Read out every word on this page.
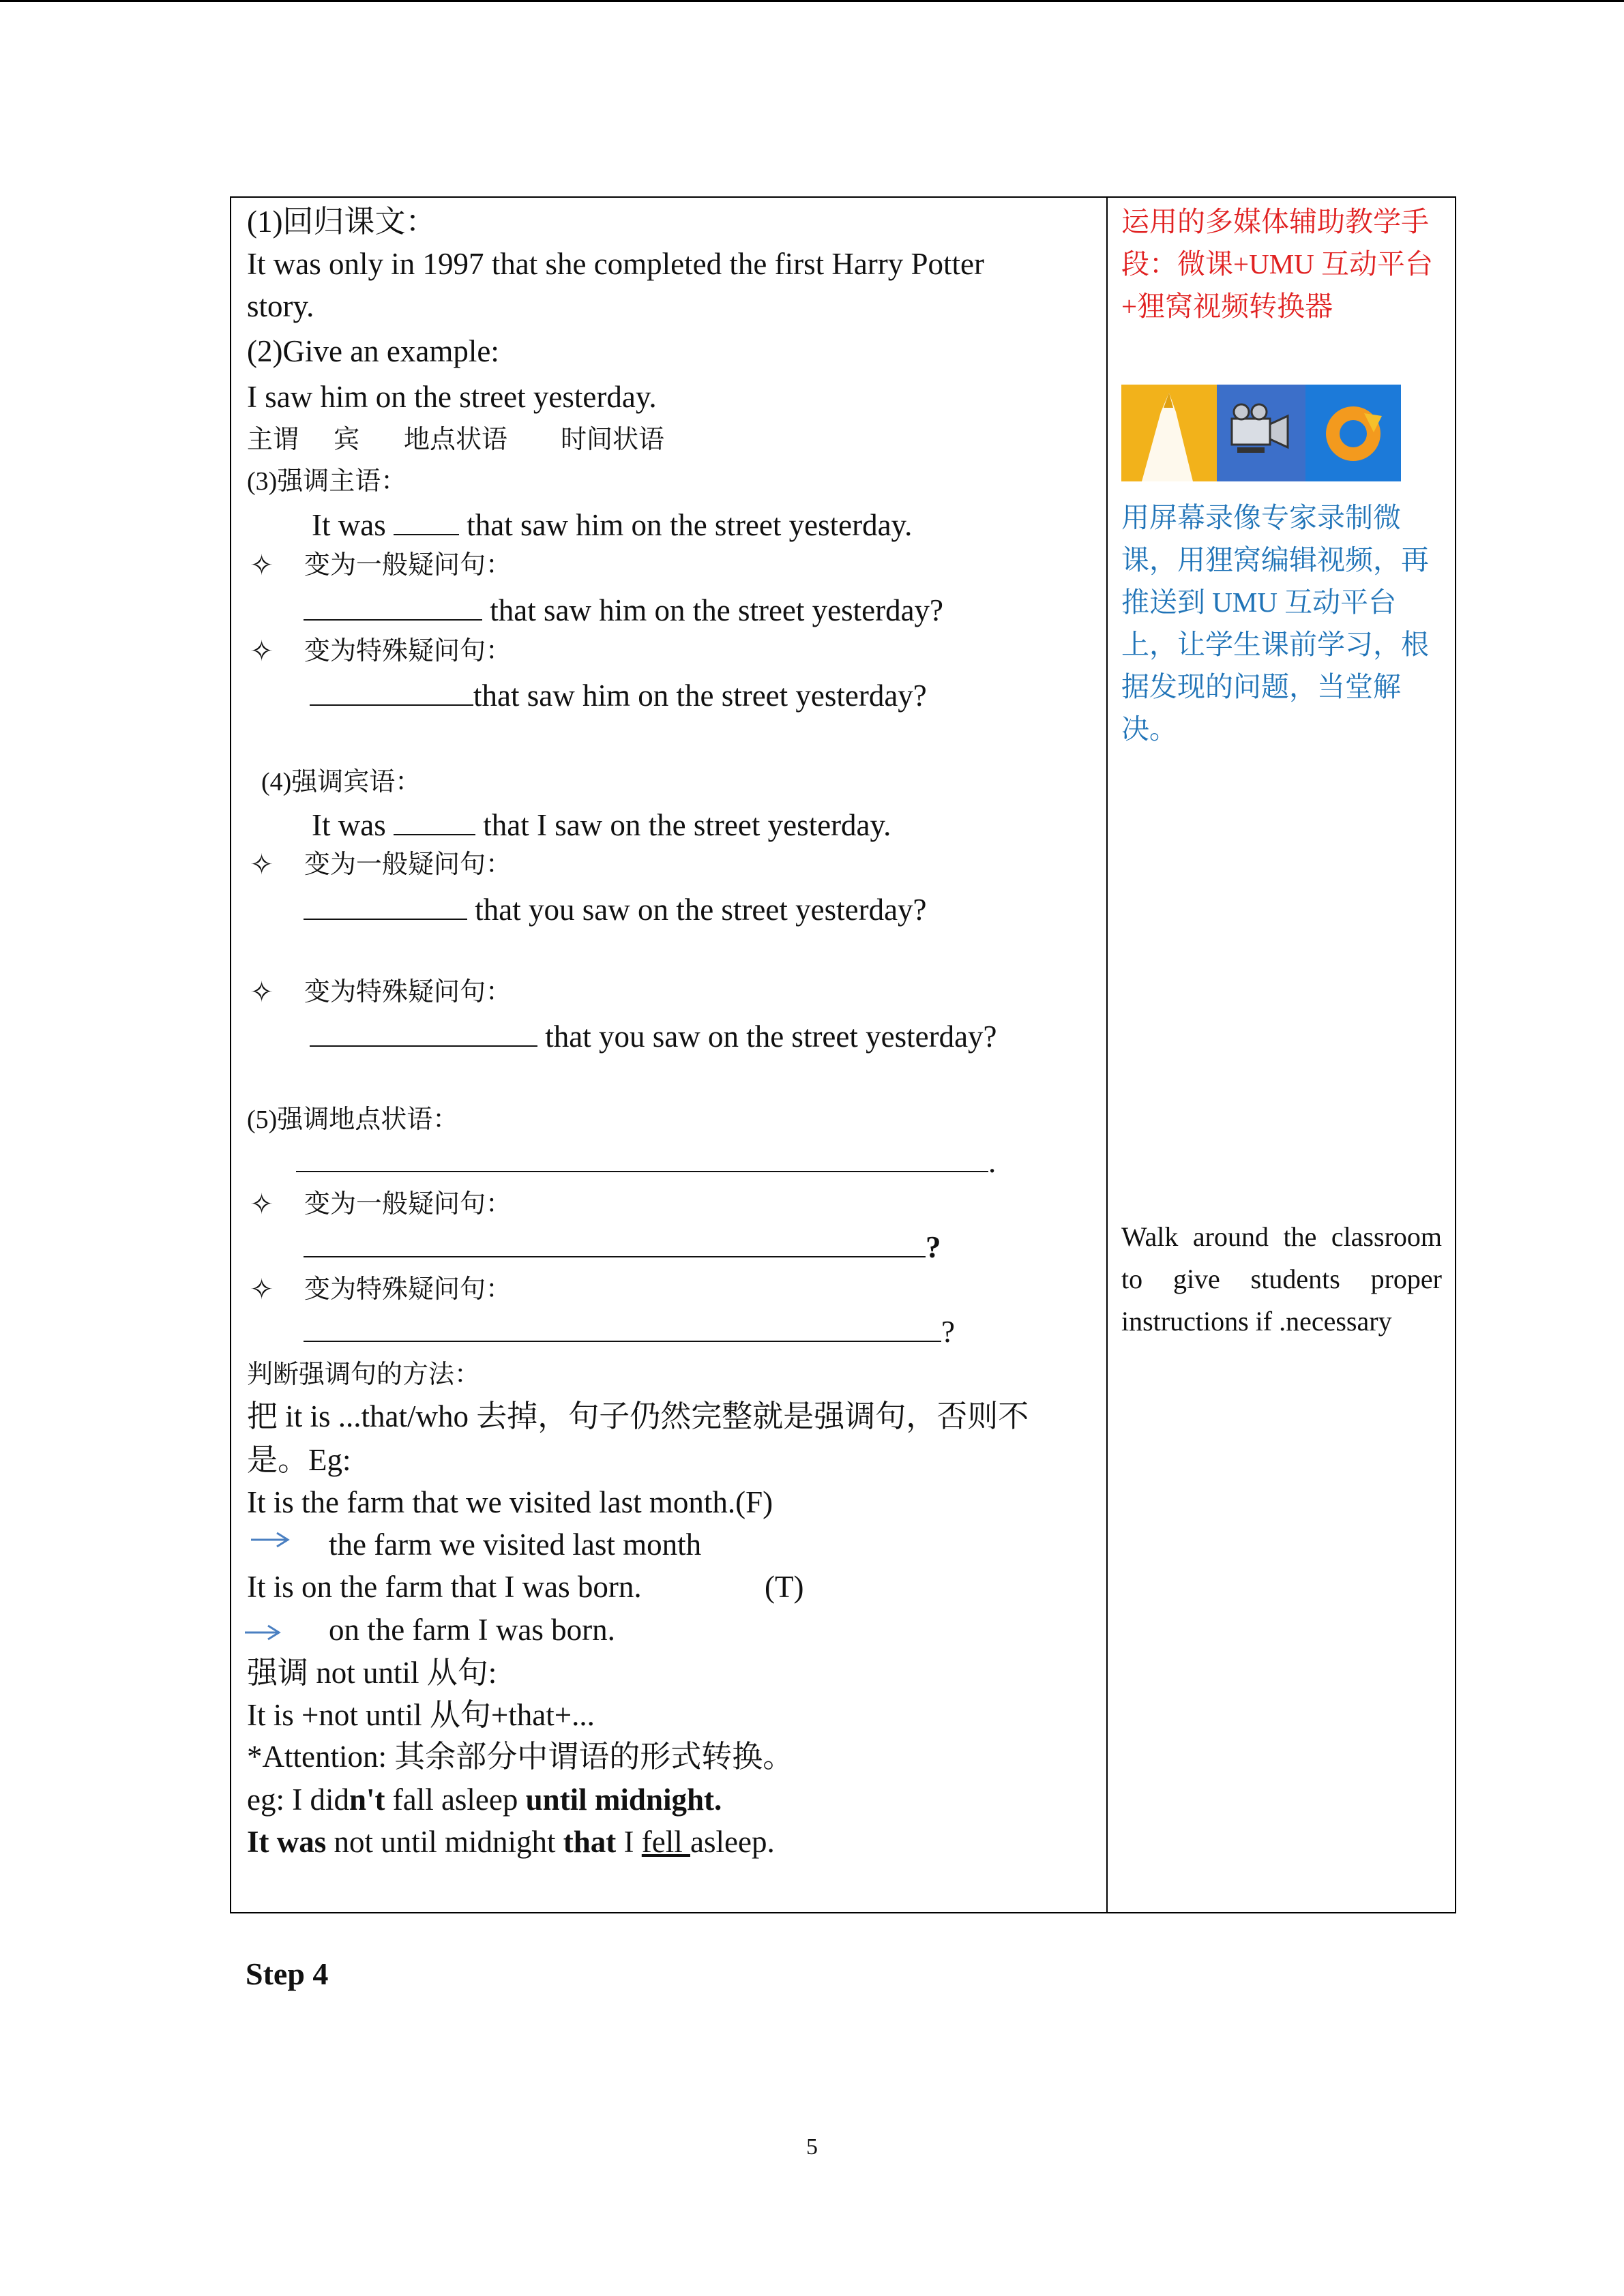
(1)回归课文：
It was only in 1997 that she completed the first Harry Potter
story.
(2)Give an example:
I saw him on the street yesterday.
主谓 宾 地点状语 时间状语
(3)强调主语：
It was	that saw him on the street yesterday.
✧ 变为一般疑问句：
that saw him on the street yesterday?
✧ 变为特殊疑问句：
that saw him on the street yesterday?
(4)强调宾语：
It was	that I saw on the street yesterday.
✧ 变为一般疑问句：
that you saw on the street yesterday?
✧ 变为特殊疑问句：
that you saw on the street yesterday?
(5)强调地点状语：
.
✧ 变为一般疑问句：
?
✧ 变为特殊疑问句：
?
判断强调句的方法：
把 it is ...that/who 去掉，句子仍然完整就是强调句，否则不
是。Eg:
It is the farm that we visited last month.(F)
the farm we visited last month
It is on the farm that I was born.	(T)
on the farm I was born.
强调 not until 从句:
It is +not until 从句+that+...
*Attention: 其余部分中谓语的形式转换。
eg: I didn't fall asleep until midnight.
It was not until midnight that I fell asleep.

运用的多媒体辅助教学手段：微课+UMU 互动平台+狸窝视频转换器
用屏幕录像专家录制微课，用狸窝编辑视频，再推送到 UMU 互动平台上，让学生课前学习，根据发现的问题，当堂解决。
Walk around the classroom to give students proper instructions if .necessary
Step 4
5
